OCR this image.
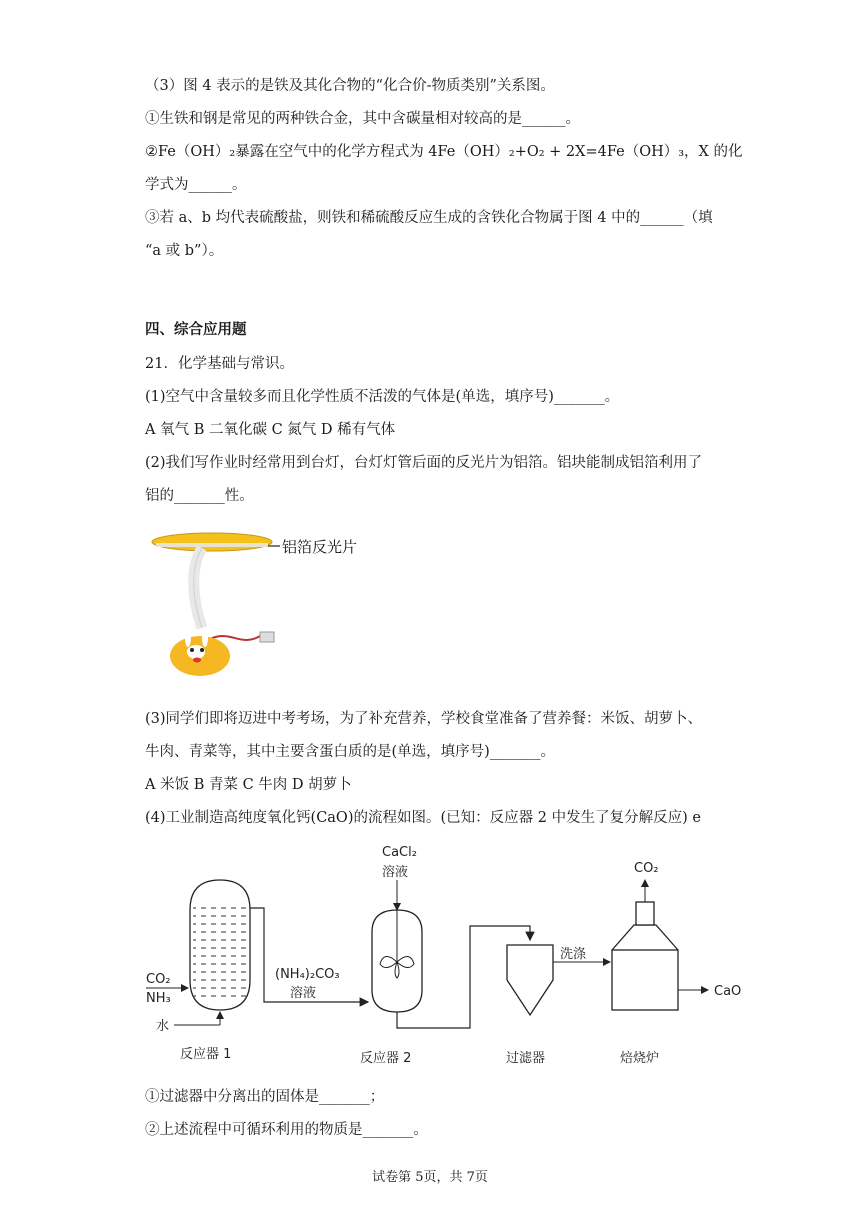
（3）图 4 表示的是铁及其化合物的“化合价-物质类别”关系图。
①生铁和钢是常见的两种铁合金，其中含碳量相对较高的是______。
②Fe（OH）₂暴露在空气中的化学方程式为 4Fe（OH）₂+O₂ + 2X=4Fe（OH）₃，X 的化
学式为______。
③若 a、b 均代表硫酸盐，则铁和稀硫酸反应生成的含铁化合物属于图 4 中的______（填
“a 或 b”）。
四、综合应用题
21．化学基础与常识。
(1)空气中含量较多而且化学性质不活泼的气体是(单选，填序号)_______。
A 氧气 B 二氧化碳 C 氮气 D 稀有气体
(2)我们写作业时经常用到台灯，台灯灯管后面的反光片为铝箔。铝块能制成铝箔利用了
铝的_______性。
铝箔反光片
(3)同学们即将迈进中考考场，为了补充营养，学校食堂准备了营养餐：米饭、胡萝卜、
牛肉、青菜等，其中主要含蛋白质的是(单选，填序号)_______。
A 米饭 B 青菜 C 牛肉 D 胡萝卜
(4)工业制造高纯度氧化钙(CaO)的流程如图。(已知：反应器 2 中发生了复分解反应) e
CO₂
NH₃
水
(NH₄)₂CO₃
溶液
CaCl₂
溶液
洗涤
CO₂
CaO
反应器 1	反应器 2	过滤器	焙烧炉
①过滤器中分离出的固体是_______；
②上述流程中可循环利用的物质是_______。
试卷第 5页，共 7页
